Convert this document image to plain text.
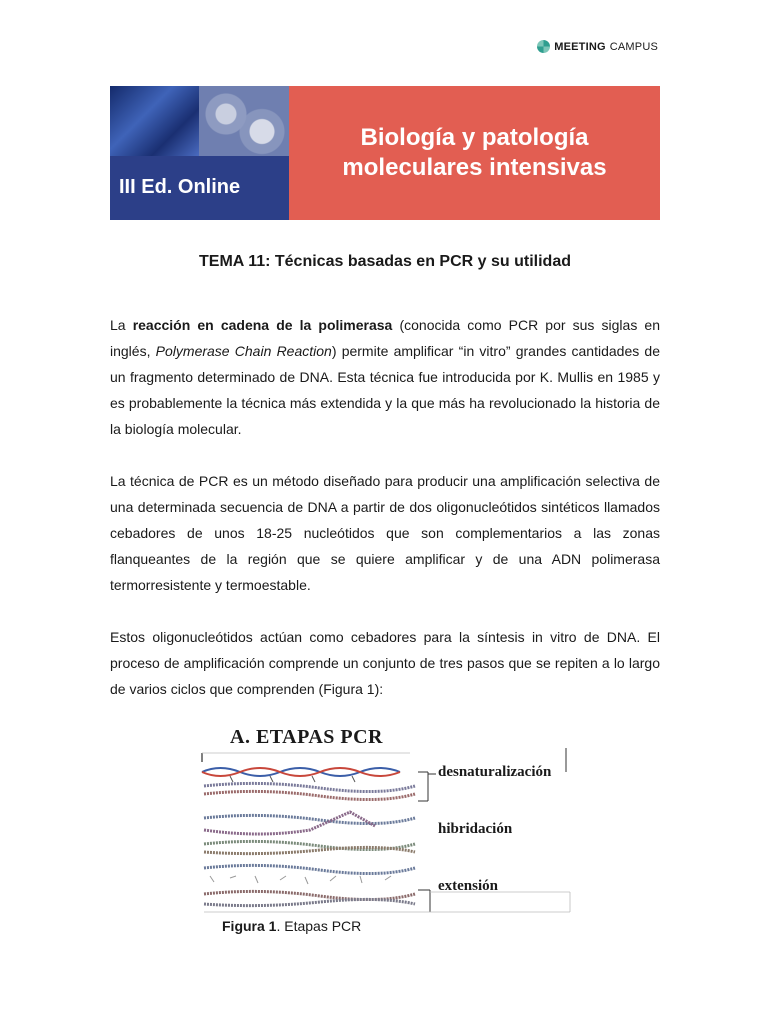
MEETING CAMPUS
III Ed. Online
Biología y patología
moleculares intensivas
TEMA 11: Técnicas basadas en PCR y su utilidad
La reacción en cadena de la polimerasa (conocida como PCR por sus siglas en inglés, Polymerase Chain Reaction) permite amplificar “in vitro” grandes cantidades de un fragmento determinado de DNA. Esta técnica fue introducida por K. Mullis en 1985 y es probablemente la técnica más extendida y la que más ha revolucionado la historia de la biología molecular.
La técnica de PCR es un método diseñado para producir una amplificación selectiva de una determinada secuencia de DNA a partir de dos oligonucleótidos sintéticos llamados cebadores de unos 18-25 nucleótidos que son complementarios a las zonas flanqueantes de la región que se quiere amplificar y de una ADN polimerasa termorresistente y termoestable.
Estos oligonucleótidos actúan como cebadores para la síntesis in vitro de DNA. El proceso de amplificación comprende un conjunto de tres pasos que se repiten a lo largo de varios ciclos que comprenden (Figura 1):
A. ETAPAS PCR
desnaturalización
hibridación
extensión
Figura 1. Etapas PCR
